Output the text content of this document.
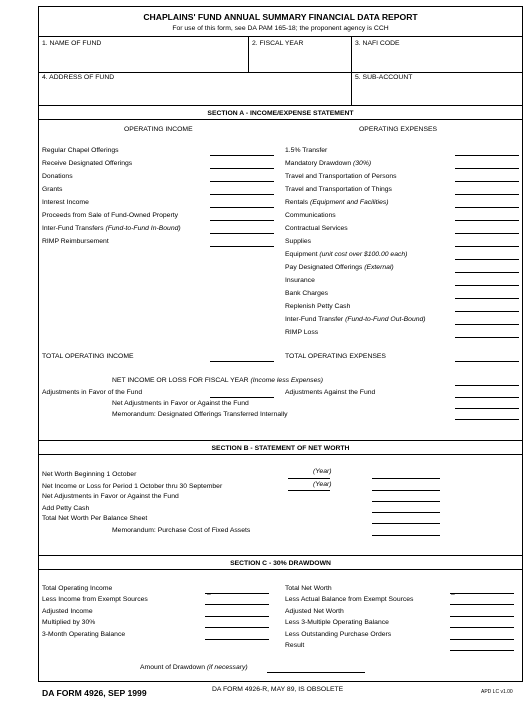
CHAPLAINS' FUND ANNUAL SUMMARY FINANCIAL DATA REPORT
For use of this form, see DA PAM 165-18; the proponent agency is CCH
1. NAME OF FUND	2. FISCAL YEAR	3. NAFI CODE
4. ADDRESS OF FUND	5. SUB-ACCOUNT
SECTION A - INCOME/EXPENSE STATEMENT
OPERATING INCOME	OPERATING EXPENSES
Regular Chapel Offerings
Receive Designated Offerings
Donations
Grants
Interest Income
Proceeds from Sale of Fund-Owned Property
Inter-Fund Transfers (Fund-to-Fund In-Bound)
RIMP Reimbursement
1.5% Transfer
Mandatory Drawdown (30%)
Travel and Transportation of Persons
Travel and Transportation of Things
Rentals (Equipment and Facilities)
Communications
Contractual Services
Supplies
Equipment (unit cost over $100.00 each)
Pay Designated Offerings (External)
Insurance
Bank Charges
Replenish Petty Cash
Inter-Fund Transfer (Fund-to-Fund Out-Bound)
RIMP Loss
TOTAL OPERATING INCOME	TOTAL OPERATING EXPENSES
NET INCOME OR LOSS FOR FISCAL YEAR (Income less Expenses)
Adjustments in Favor of the Fund	Adjustments Against the Fund
Net Adjustments in Favor or Against the Fund
Memorandum: Designated Offerings Transferred Internally
SECTION B - STATEMENT OF NET WORTH
Net Worth Beginning 1 October	(Year)
Net Income or Loss for Period 1 October thru 30 September	(Year)
Net Adjustments in Favor or Against the Fund
Add Petty Cash
Total Net Worth Per Balance Sheet
Memorandum: Purchase Cost of Fixed Assets
SECTION C - 30% DRAWDOWN
Total Operating Income
Less Income from Exempt Sources
Adjusted Income
Multiplied by 30%
3-Month Operating Balance
Total Net Worth
Less Actual Balance from Exempt Sources
Adjusted Net Worth
Less 3-Multiple Operating Balance
Less Outstanding Purchase Orders
Result
–	–
Amount of Drawdown (if necessary)
DA FORM 4926, SEP 1999	DA FORM 4926-R, MAY 89, IS OBSOLETE	APD LC v1.00
